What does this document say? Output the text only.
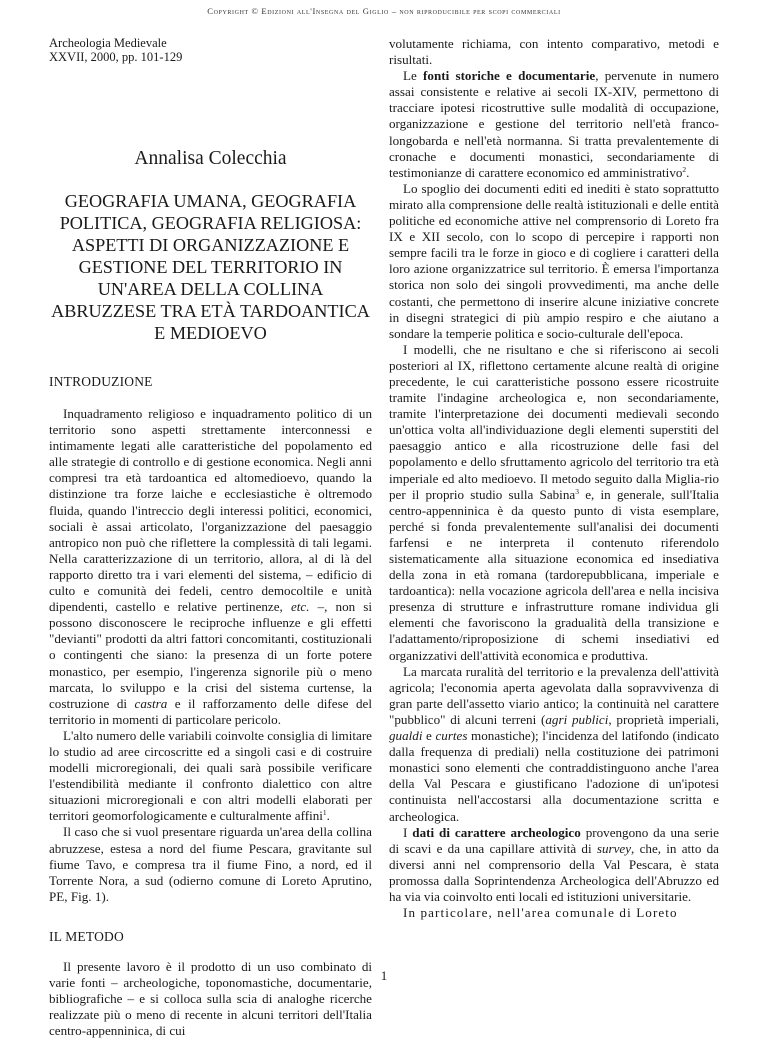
Copyright © Edizioni all'Insegna del Giglio – non riproducibile per scopi commerciali
Archeologia Medievale
XXVII, 2000, pp. 101-129
Annalisa Colecchia
GEOGRAFIA UMANA, GEOGRAFIA POLITICA, GEOGRAFIA RELIGIOSA: ASPETTI DI ORGANIZZAZIONE E GESTIONE DEL TERRITORIO IN UN'AREA DELLA COLLINA ABRUZZESE TRA ETÀ TARDOANTICA E MEDIOEVO
INTRODUZIONE

Inquadramento religioso e inquadramento politico di un territorio sono aspetti strettamente interconnessi e intimamente legati alle caratteristiche del popolamento ed alle strategie di controllo e di gestione economica. Negli anni compresi tra età tardoantica ed altomedioevo, quando la distinzione tra forze laiche e ecclesiastiche è oltremodo fluida, quando l'intreccio degli interessi politici, economici, sociali è assai articolato, l'organizzazione del paesaggio antropico non può che riflettere la complessità di tali legami. Nella caratterizzazione di un territorio, allora, al di là del rapporto diretto tra i vari elementi del sistema, – edificio di culto e comunità dei fedeli, centro democoltile e unità dipendenti, castello e relative pertinenze, etc. –, non si possono disconoscere le reciproche influenze e gli effetti "devianti" prodotti da altri fattori concomitanti, costituzionali o contingenti che siano: la presenza di un forte potere monastico, per esempio, l'ingerenza signorile più o meno marcata, lo sviluppo e la crisi del sistema curtense, la costruzione di castra e il rafforzamento delle difese del territorio in momenti di particolare pericolo.

L'alto numero delle variabili coinvolte consiglia di limitare lo studio ad aree circoscritte ed a singoli casi e di costruire modelli microregionali, dei quali sarà possibile verificare l'estendibilità mediante il confronto dialettico con altre situazioni microregionali e con altri modelli elaborati per territori geomorfologicamente e culturalmente affini$^1$.

Il caso che si vuol presentare riguarda un'area della collina abruzzese, estesa a nord del fiume Pescara, gravitante sul fiume Tavo, e compresa tra il fiume Fino, a nord, ed il Torrente Nora, a sud (odierno comune di Loreto Aprutino, PE, Fig. 1).

IL METODO

Il presente lavoro è il prodotto di un uso combinato di varie fonti – archeologiche, toponomastiche, documentarie, bibliografiche – e si colloca sulla scia di analoghe ricerche realizzate più o meno di recente in alcuni territori dell'Italia centro-appenninica, di cui

volutamente richiama, con intento comparativo, metodi e risultati.

Le fonti storiche e documentarie, pervenute in numero assai consistente e relative ai secoli IX-XIV, permettono di tracciare ipotesi ricostruttive sulle modalità di occupazione, organizzazione e gestione del territorio nell'età franco-longobarda e nell'età normanna. Si tratta prevalentemente di cronache e documenti monastici, secondariamente di testimonianze di carattere economico ed amministrativo$^2$.

Lo spoglio dei documenti editi ed inediti è stato soprattutto mirato alla comprensione delle realtà istituzionali e delle entità politiche ed economiche attive nel comprensorio di Loreto fra IX e XII secolo, con lo scopo di percepire i rapporti non sempre facili tra le forze in gioco e di cogliere i caratteri della loro azione organizzatrice sul territorio. È emersa l'importanza storica non solo dei singoli provvedimenti, ma anche delle costanti, che permettono di inserire alcune iniziative concrete in disegni strategici di più ampio respiro e che aiutano a sondare la temperie politica e socio-culturale dell'epoca.

I modelli, che ne risultano e che si riferiscono ai secoli posteriori al IX, riflettono certamente alcune realtà di origine precedente, le cui caratteristiche possono essere ricostruite tramite l'indagine archeologica e, non secondariamente, tramite l'interpretazione dei documenti medievali secondo un'ottica volta all'individuazione degli elementi superstiti del paesaggio antico e alla ricostruzione delle fasi del popolamento e dello sfruttamento agricolo del territorio tra età imperiale ed alto medioevo. Il metodo seguito dalla Miglia-rio per il proprio studio sulla Sabina$^3$ e, in generale, sull'Italia centro-appenninica è da questo punto di vista esemplare, perché si fonda prevalentemente sull'analisi dei documenti farfensi e ne interpreta il contenuto riferendolo sistematicamente alla situazione economica ed insediativa della zona in età romana (tardorepubblicana, imperiale e tardoantica): nella vocazione agricola dell'area e nella incisiva presenza di strutture e infrastrutture romane individua gli elementi che favoriscono la gradualità della transizione e l'adattamento/riproposizione di schemi insediativi ed organizzativi dell'attività economica e produttiva.

La marcata ruralità del territorio e la prevalenza dell'attività agricola; l'economia aperta agevolata dalla sopravvivenza di gran parte dell'assetto viario antico; la continuità nel carattere "pubblico" di alcuni terreni (agri publici, proprietà imperiali, gualdi e curtes monastiche); l'incidenza del latifondo (indicato dalla frequenza di prediali) nella costituzione dei patrimoni monastici sono elementi che contraddistinguono anche l'area della Val Pescara e giustificano l'adozione di un'ipotesi continuista nell'accostarsi alla documentazione scritta e archeologica.

I dati di carattere archeologico provengono da una serie di scavi e da una capillare attività di survey, che, in atto da diversi anni nel comprensorio della Val Pescara, è stata promossa dalla Soprintendenza Archeologica dell'Abruzzo ed ha via via coinvolto enti locali ed istituzioni universitarie.

In particolare, nell'area comunale di Loreto

1
